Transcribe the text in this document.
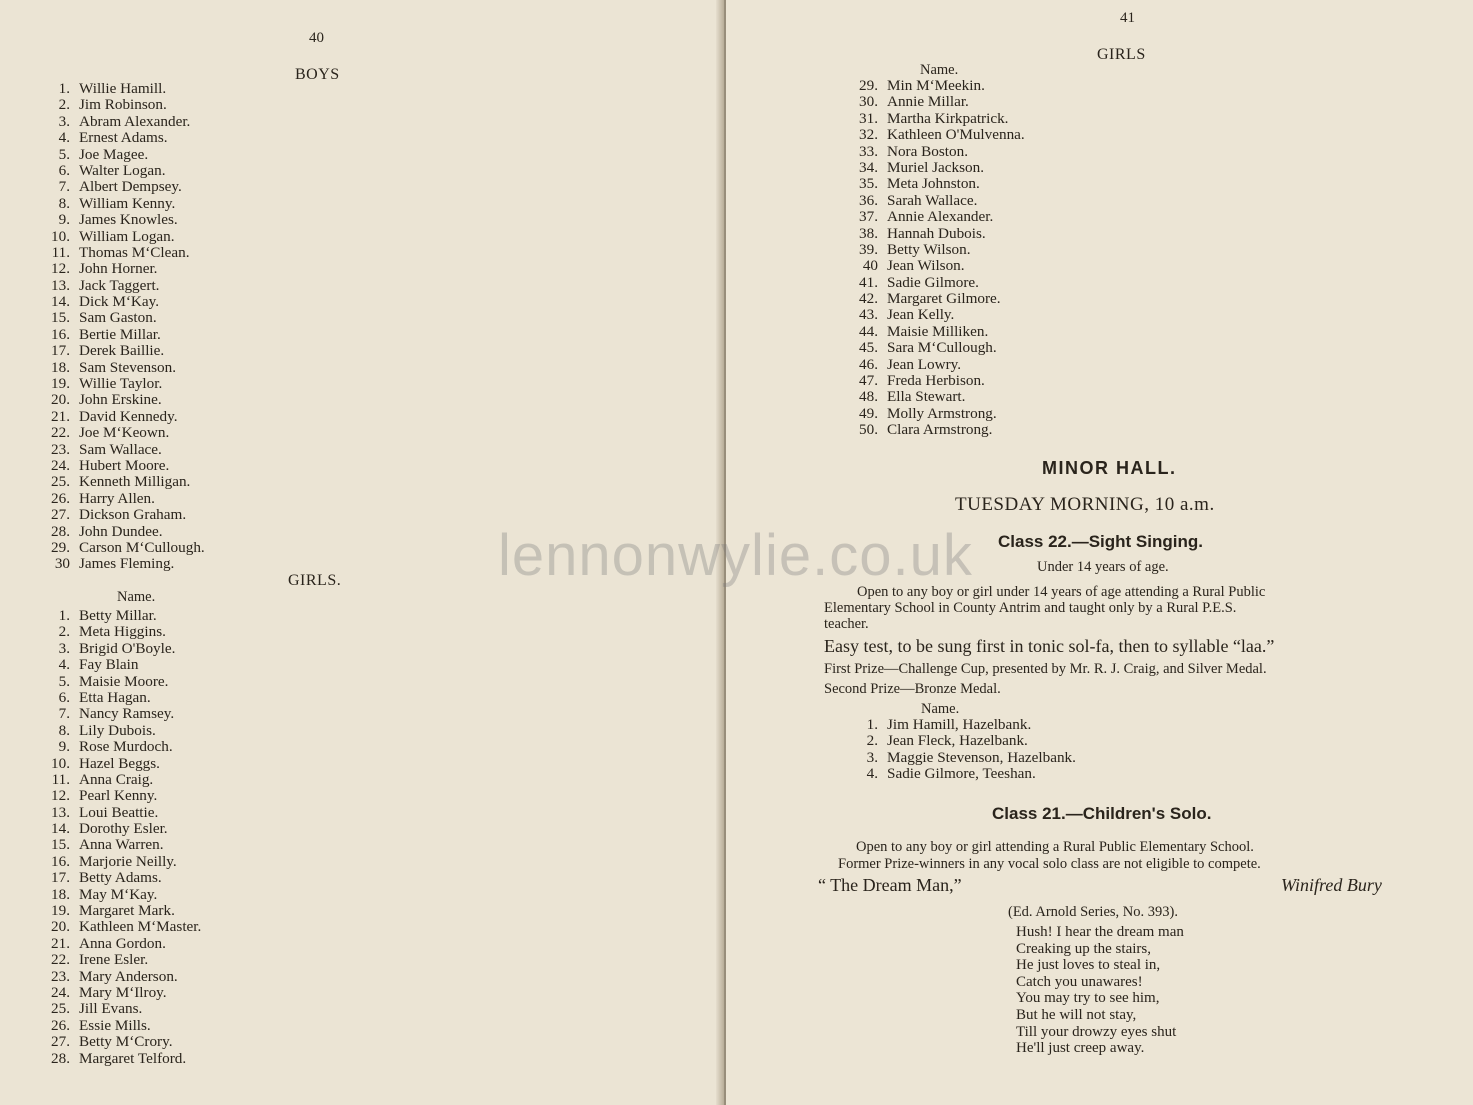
40
BOYS
1. Willie Hamill.
2. Jim Robinson.
3. Abram Alexander.
4. Ernest Adams.
5. Joe Magee.
6. Walter Logan.
7. Albert Dempsey.
8. William Kenny.
9. James Knowles.
10. William Logan.
11. Thomas M‘Clean.
12. John Horner.
13. Jack Taggert.
14. Dick M‘Kay.
15. Sam Gaston.
16. Bertie Millar.
17. Derek Baillie.
18. Sam Stevenson.
19. Willie Taylor.
20. John Erskine.
21. David Kennedy.
22. Joe M‘Keown.
23. Sam Wallace.
24. Hubert Moore.
25. Kenneth Milligan.
26. Harry Allen.
27. Dickson Graham.
28. John Dundee.
29. Carson M‘Cullough.
30 James Fleming.
GIRLS.
Name.
1. Betty Millar.
2. Meta Higgins.
3. Brigid O'Boyle.
4. Fay Blain
5. Maisie Moore.
6. Etta Hagan.
7. Nancy Ramsey.
8. Lily Dubois.
9. Rose Murdoch.
10. Hazel Beggs.
11. Anna Craig.
12. Pearl Kenny.
13. Loui Beattie.
14. Dorothy Esler.
15. Anna Warren.
16. Marjorie Neilly.
17. Betty Adams.
18. May M‘Kay.
19. Margaret Mark.
20. Kathleen M‘Master.
21. Anna Gordon.
22. Irene Esler.
23. Mary Anderson.
24. Mary M‘Ilroy.
25. Jill Evans.
26. Essie Mills.
27. Betty M‘Crory.
28. Margaret Telford.
41
GIRLS
Name.
29. Min M‘Meekin.
30. Annie Millar.
31. Martha Kirkpatrick.
32. Kathleen O'Mulvenna.
33. Nora Boston.
34. Muriel Jackson.
35. Meta Johnston.
36. Sarah Wallace.
37. Annie Alexander.
38. Hannah Dubois.
39. Betty Wilson.
40 Jean Wilson.
41. Sadie Gilmore.
42. Margaret Gilmore.
43. Jean Kelly.
44. Maisie Milliken.
45. Sara M‘Cullough.
46. Jean Lowry.
47. Freda Herbison.
48. Ella Stewart.
49. Molly Armstrong.
50. Clara Armstrong.
MINOR HALL.
TUESDAY MORNING, 10 a.m.
Class 22.—Sight Singing.
Under 14 years of age.
Open to any boy or girl under 14 years of age attending a Rural Public
Elementary School in County Antrim and taught only by a Rural P.E.S.
teacher.
Easy test, to be sung first in tonic sol-fa, then to syllable “laa.”
First Prize—Challenge Cup, presented by Mr. R. J. Craig, and Silver Medal.
Second Prize—Bronze Medal.
Name.
1. Jim Hamill, Hazelbank.
2. Jean Fleck, Hazelbank.
3. Maggie Stevenson, Hazelbank.
4. Sadie Gilmore, Teeshan.
Class 21.—Children's Solo.
Open to any boy or girl attending a Rural Public Elementary School.
Former Prize-winners in any vocal solo class are not eligible to compete.
“ The Dream Man,”	Winifred Bury
(Ed. Arnold Series, No. 393).
Hush! I hear the dream man
Creaking up the stairs,
He just loves to steal in,
Catch you unawares!
You may try to see him,
But he will not stay,
Till your drowzy eyes shut
He'll just creep away.
lennonwylie.co.uk
